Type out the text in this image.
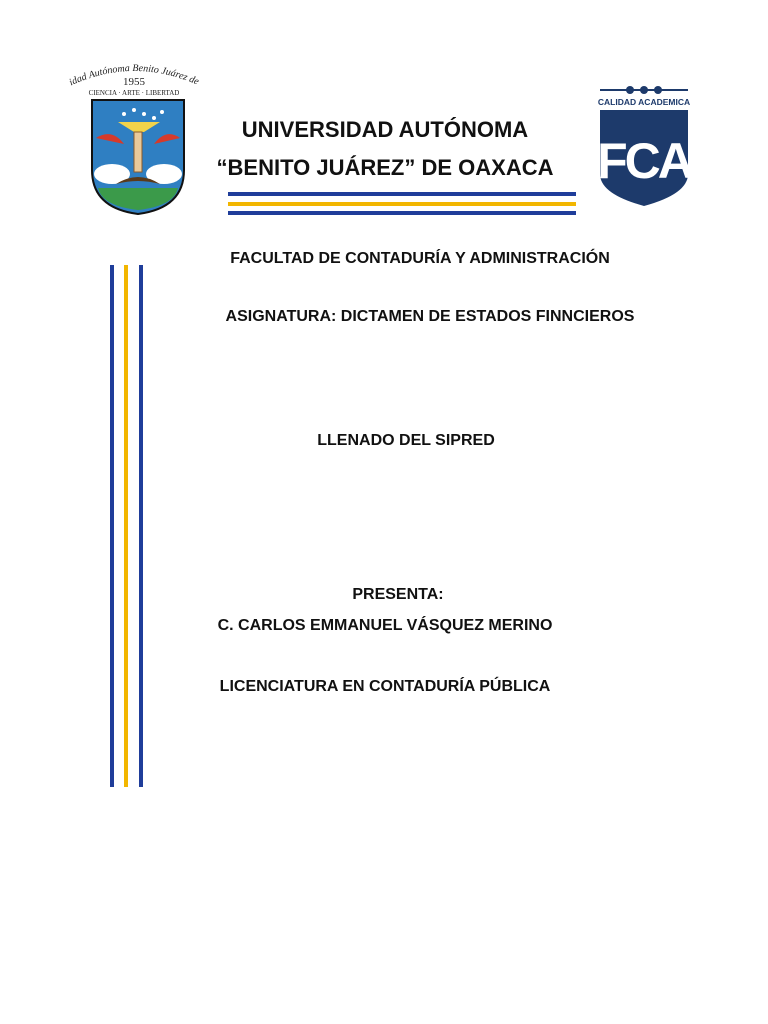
idad Autónoma Benito Juárez de
1955
CIENCIA · ARTE · LIBERTAD
UNIVERSIDAD AUTÓNOMA
“BENITO JUÁREZ” DE OAXACA
CALIDAD ACADEMICA
FCA
FACULTAD DE CONTADURÍA Y ADMINISTRACIÓN
ASIGNATURA: DICTAMEN DE ESTADOS FINNCIEROS
LLENADO DEL SIPRED
PRESENTA:
C. CARLOS EMMANUEL VÁSQUEZ MERINO
LICENCIATURA EN CONTADURÍA PÚBLICA
